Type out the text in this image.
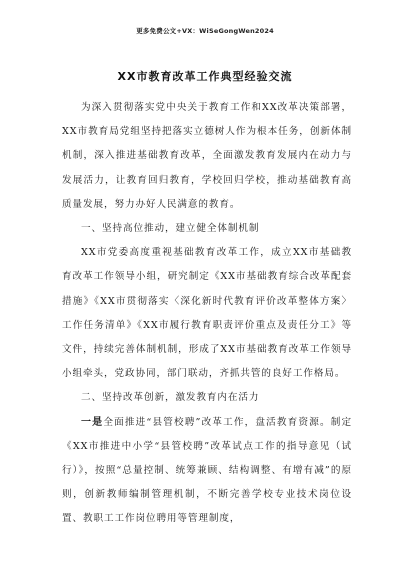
更多免费公文+VX：WiSeGongWen2024
XX市教育改革工作典型经验交流

为深入贯彻落实党中央关于教育工作和XX改革决策部署，XX市教育局党组坚持把落实立德树人作为根本任务，创新体制机制，深入推进基础教育改革，全面激发教育发展内在动力与发展活力，让教育回归教育，学校回归学校，推动基础教育高质量发展，努力办好人民满意的教育。

一、坚持高位推动，建立健全体制机制

XX市党委高度重视基础教育改革工作，成立XX市基础教育改革工作领导小组，研究制定《XX市基础教育综合改革配套措施》《XX市贯彻落实〈深化新时代教育评价改革整体方案〉工作任务清单》《XX市履行教育职责评价重点及责任分工》等文件，持续完善体制机制，形成了XX市基础教育改革工作领导小组牵头，党政协同，部门联动，齐抓共管的良好工作格局。

二、坚持改革创新，激发教育内在活力

一是全面推进“县管校聘”改革工作，盘活教育资源。制定《XX市推进中小学“县管校聘”改革试点工作的指导意见（试行）》，按照“总量控制、统筹兼顾、结构调整、有增有减”的原则，创新教师编制管理机制，不断完善学校专业技术岗位设置、教职工工作岗位聘用等管理制度，
